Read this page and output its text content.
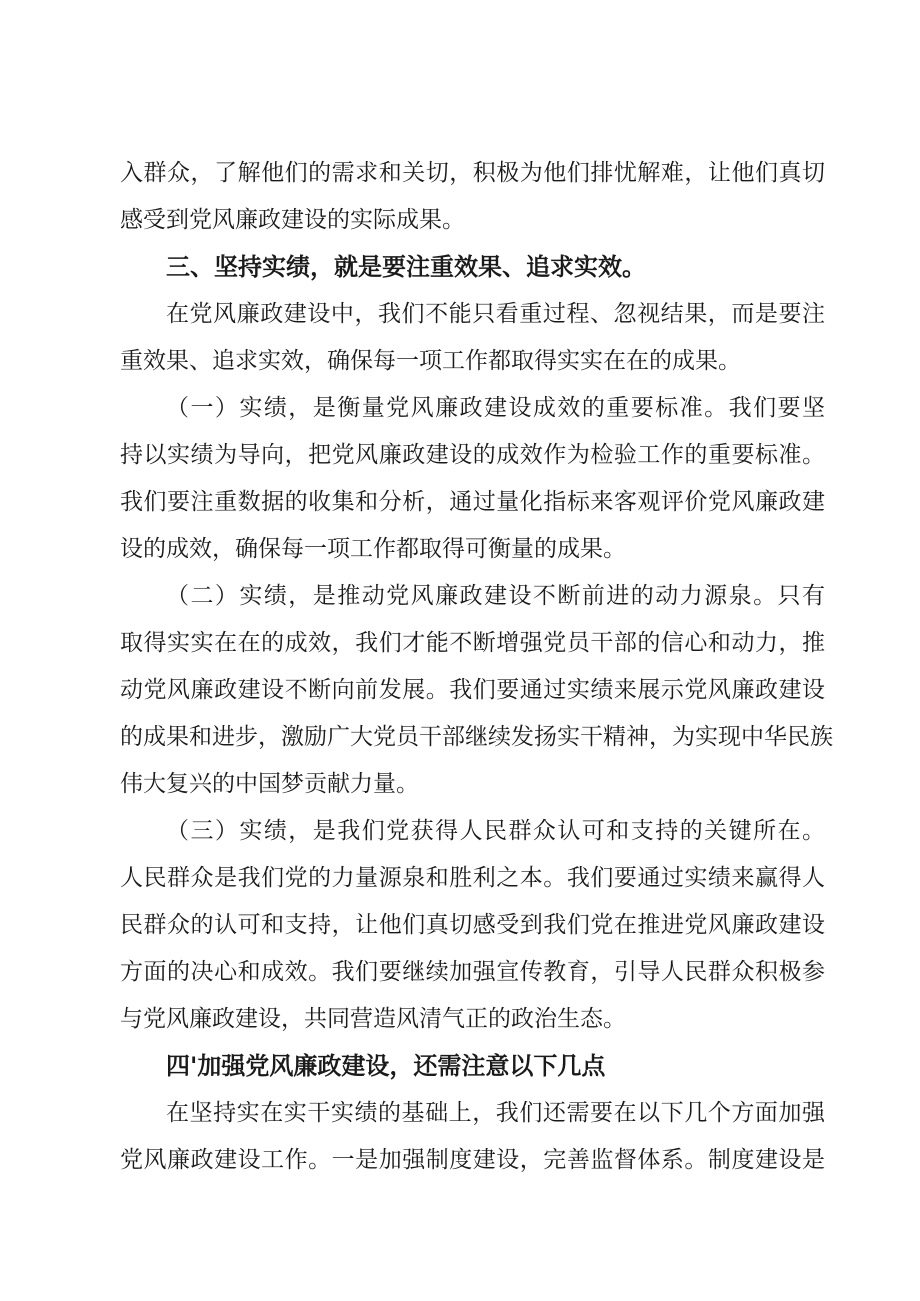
入群众，了解他们的需求和关切，积极为他们排忧解难，让他们真切
感受到党风廉政建设的实际成果。
三、坚持实绩，就是要注重效果、追求实效。
在党风廉政建设中，我们不能只看重过程、忽视结果，而是要注
重效果、追求实效，确保每一项工作都取得实实在在的成果。
（一）实绩，是衡量党风廉政建设成效的重要标准。我们要坚
持以实绩为导向，把党风廉政建设的成效作为检验工作的重要标准。
我们要注重数据的收集和分析，通过量化指标来客观评价党风廉政建
设的成效，确保每一项工作都取得可衡量的成果。
（二）实绩，是推动党风廉政建设不断前进的动力源泉。只有
取得实实在在的成效，我们才能不断增强党员干部的信心和动力，推
动党风廉政建设不断向前发展。我们要通过实绩来展示党风廉政建设
的成果和进步，激励广大党员干部继续发扬实干精神，为实现中华民族
伟大复兴的中国梦贡献力量。
（三）实绩，是我们党获得人民群众认可和支持的关键所在。
人民群众是我们党的力量源泉和胜利之本。我们要通过实绩来赢得人
民群众的认可和支持，让他们真切感受到我们党在推进党风廉政建设
方面的决心和成效。我们要继续加强宣传教育，引导人民群众积极参
与党风廉政建设，共同营造风清气正的政治生态。
四'加强党风廉政建设，还需注意以下几点
在坚持实在实干实绩的基础上，我们还需要在以下几个方面加强
党风廉政建设工作。一是加强制度建设，完善监督体系。制度建设是
